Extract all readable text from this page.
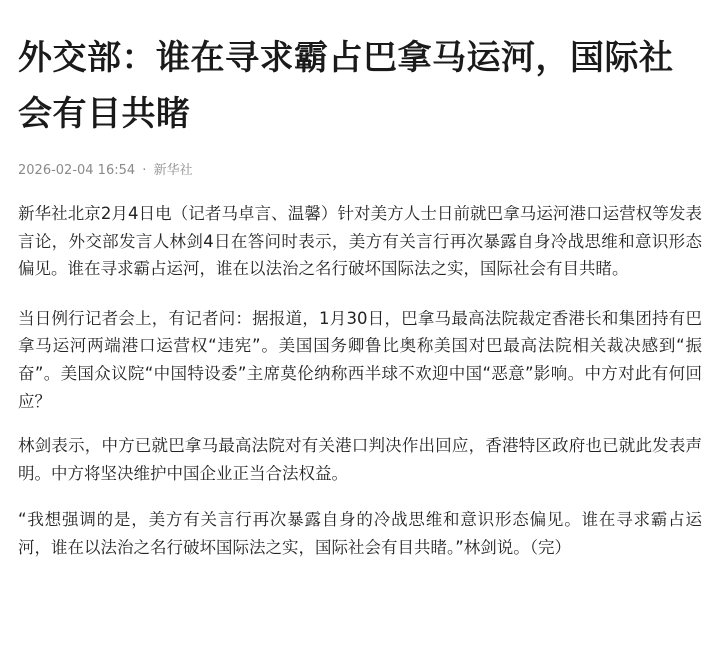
外交部：谁在寻求霸占巴拿马运河，国际社会有目共睹
2026-02-04 16:54 · 新华社

新华社北京2月4日电（记者马卓言、温馨）针对美方人士日前就巴拿马运河港口运营权等发表言论，外交部发言人林剑4日在答问时表示，美方有关言行再次暴露自身冷战思维和意识形态偏见。谁在寻求霸占运河，谁在以法治之名行破坏国际法之实，国际社会有目共睹。

当日例行记者会上，有记者问：据报道，1月30日，巴拿马最高法院裁定香港长和集团持有巴拿马运河两端港口运营权“违宪”。美国国务卿鲁比奥称美国对巴最高法院相关裁决感到“振奋”。美国众议院“中国特设委”主席莫伦纳称西半球不欢迎中国“恶意”影响。中方对此有何回应？

林剑表示，中方已就巴拿马最高法院对有关港口判决作出回应，香港特区政府也已就此发表声明。中方将坚决维护中国企业正当合法权益。

“我想强调的是，美方有关言行再次暴露自身的冷战思维和意识形态偏见。谁在寻求霸占运河，谁在以法治之名行破坏国际法之实，国际社会有目共睹。”林剑说。（完）
